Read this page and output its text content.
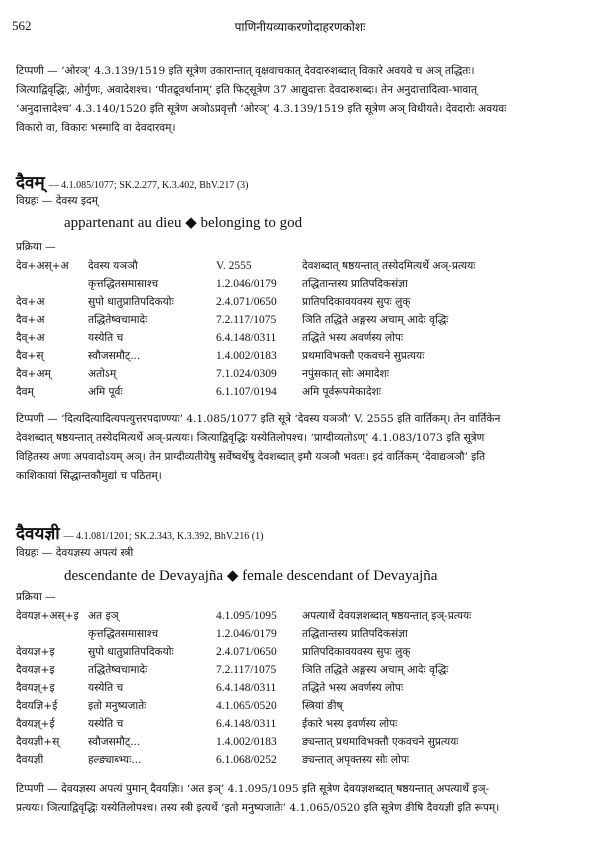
562	पाणिनीयव्याकरणोदाहरणकोशः

टिप्पणी — ‘ओरञ्’ 4.3.139/1519 इति सूत्रेण उकारान्तात् वृक्षवाचकात् देवदारुशब्दात् विकारे अवयवे च अञ् तद्धितः।
ञित्याद्विवृद्धिः, ओर्गुणः, अवादेशश्च। ‘पीतद्रूवर्थानाम्’ इति फिट्सूत्रेण 37 आद्युदात्तः देवदारुशब्दः। तेन अनुदात्तादित्वा-भावात्
‘अनुदात्तादेश्च’ 4.3.140/1520 इति सूत्रेण अञोऽप्रवृत्तौ ‘ओरञ्’ 4.3.139/1519 इति सूत्रेण अञ् विधीयते। देवदारोः अवयवः
विकारो वा, विकारः भस्मादि वा देवदारवम्।

दैवम् — 4.1.085/1077; SK.2.277, K.3.402, BhV.217 (3)
विग्रहः — देवस्य इदम्
appartenant au dieu ◆ belonging to god
प्रक्रिया —
देव+अस्+अ	देवस्य यञञौ	V. 2555	देवशब्दात् षष्ठयन्तात् तस्येदमित्यर्थे अञ्-प्रत्ययः
	कृत्तद्धितसमासाश्च	1.2.046/0179	तद्धितान्तस्य प्रातिपदिकसंज्ञा
देव+अ	सुपो धातुप्रातिपदिकयोः	2.4.071/0650	प्रातिपदिकावयवस्य सुपः लुक्
दैव+अ	तद्धितेष्वचामादेः	7.2.117/1075	ञिति तद्धिते अङ्गस्य अचाम् आदेः वृद्धिः
दैव्+अ	यस्येति च	6.4.148/0311	तद्धिते भस्य अवर्णस्य लोपः
दैव+स्	स्वौजसमौट्...	1.4.002/0183	प्रथमाविभक्तौ एकवचने सुप्रत्ययः
दैव+अम्	अतोऽम्	7.1.024/0309	नपुंसकात् सोः अमादेशः
दैवम्	अमि पूर्वः	6.1.107/0194	अमि पूर्वरूपमेकादेशः

टिप्पणी — ‘दित्यदित्यादित्यपत्युत्तरपदाण्ण्यः’ 4.1.085/1077 इति सूत्रे ‘देवस्य यञञौ’ V. 2555 इति वार्तिकम्। तेन वार्तिकेन
देवशब्दात् षष्ठयन्तात् तस्येदमित्यर्थे अञ्-प्रत्ययः। ञित्याद्विवृद्धिः यस्येतिलोपश्च। ‘प्राग्दीव्यतोऽण्’ 4.1.083/1073 इति सूत्रेण
विहितस्य अणः अपवादोऽयम् अञ्। तेन प्राग्दीव्यतीयेषु सर्वेष्वर्थेषु देवशब्दात् इमौ यञञौ भवतः। इदं वार्तिकम् ‘देवाद्यञञौ’ इति
काशिकायां सिद्धान्तकौमुद्यां च पठितम्।

दैवयज्ञी — 4.1.081/1201; SK.2.343, K.3.392, BhV.216 (1)
विग्रहः — देवयज्ञस्य अपत्यं स्त्री
descendante de Devayajña ◆ female descendant of Devayajña
प्रक्रिया —
देवयज्ञ+अस्+इ	अत इञ्	4.1.095/1095	अपत्यार्थे देवयज्ञशब्दात् षष्ठयन्तात् इञ्-प्रत्ययः
	कृत्तद्धितसमासाश्च	1.2.046/0179	तद्धितान्तस्य प्रातिपदिकसंज्ञा
देवयज्ञ+इ	सुपो धातुप्रातिपदिकयोः	2.4.071/0650	प्रातिपदिकावयवस्य सुपः लुक्
दैवयज्ञ+इ	तद्धितेष्वचामादेः	7.2.117/1075	ञिति तद्धिते अङ्गस्य अचाम् आदेः वृद्धिः
दैवयज्ञ्+इ	यस्येति च	6.4.148/0311	तद्धिते भस्य अवर्णस्य लोपः
दैवयज्ञि+ई	इतो मनुष्यजातेः	4.1.065/0520	स्त्रियां ङीष्
दैवयज्ञ्+ई	यस्येति च	6.4.148/0311	ईकारे भस्य इवर्णस्य लोपः
दैवयज्ञी+स्	स्वौजसमौट्...	1.4.002/0183	ङ्यन्तात् प्रथमाविभक्तौ एकवचने सुप्रत्ययः
दैवयज्ञी	हल्ङ्याब्भ्यः...	6.1.068/0252	ङ्यन्तात् अपृक्तस्य सोः लोपः

टिप्पणी — देवयज्ञस्य अपत्यं पुमान् दैवयज्ञिः। ‘अत इञ्’ 4.1.095/1095 इति सूत्रेण देवयज्ञशब्दात् षष्ठयन्तात् अपत्यार्थे इञ्-
प्रत्ययः। ञित्याद्विवृद्धिः यस्येतिलोपश्च। तस्य स्त्री इत्यर्थे ‘इतो मनुष्यजातेः’ 4.1.065/0520 इति सूत्रेण ङीषि दैवयज्ञी इति रूपम्।
